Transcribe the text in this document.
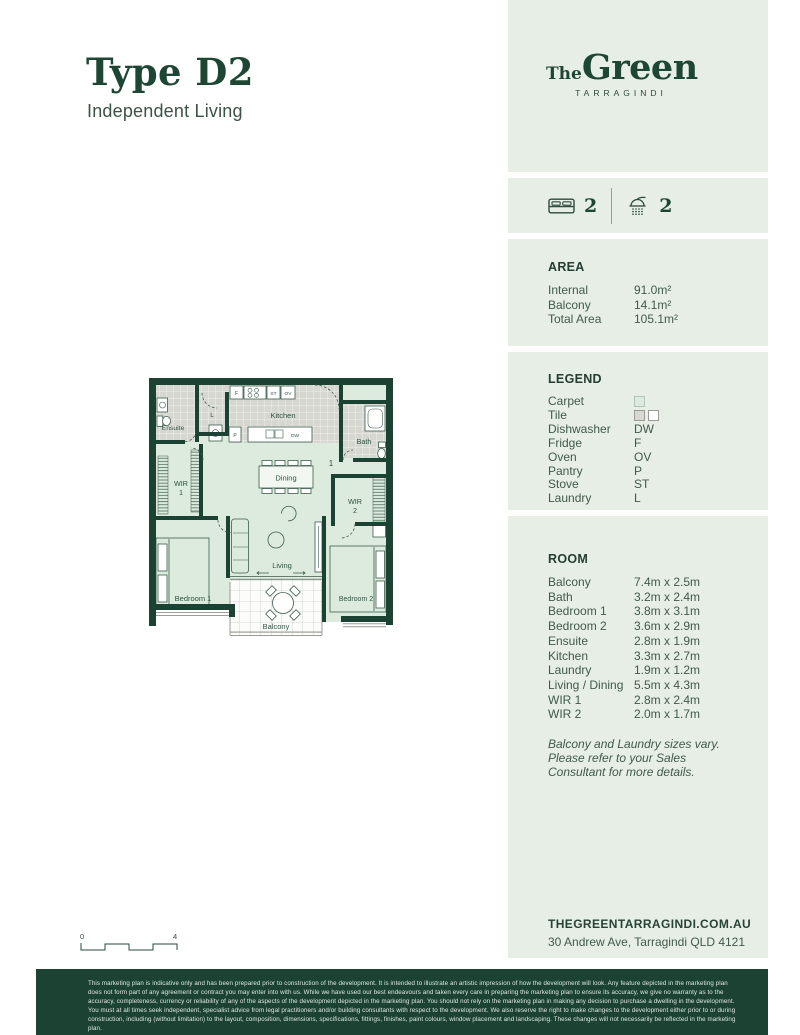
Type D2
Independent Living
TheGreen
TARRAGINDI
2	2
AREA
Internal	91.0m²
Balcony	14.1m²
Total Area	105.1m²
LEGEND
Carpet
Tile
Dishwasher	DW
Fridge	F
Oven	OV
Pantry	P
Stove	ST
Laundry	L
ROOM
Balcony	7.4m x 2.5m
Bath	3.2m x 2.4m
Bedroom 1	3.8m x 3.1m
Bedroom 2	3.6m x 2.9m
Ensuite	2.8m x 1.9m
Kitchen	3.3m x 2.7m
Laundry	1.9m x 1.2m
Living / Dining 5.5m x 4.3m
WIR 1	2.8m x 2.4m
WIR 2	2.0m x 1.7m
Balcony and Laundry sizes vary. Please refer to your Sales Consultant for more details.
THEGREENTARRAGINDI.COM.AU
30 Andrew Ave, Tarragindi QLD 4121
Kitchen
Dining
Living
Balcony
Bedroom 1	Bedroom 2
WIR
1
WIR
2
Bath
Ensuite
L
1
F	ST OV
DW
P
0	4

This marketing plan is indicative only and has been prepared prior to construction of the development. It is intended to illustrate an artistic impression of how the development will look. Any feature depicted in the marketing plan does not form part of any agreement or contract you may enter into with us. While we have used our best endeavours and taken every care in preparing the marketing plan to ensure its accuracy, we give no warranty as to the accuracy, completeness, currency or reliability of any of the aspects of the development depicted in the marketing plan. You should not rely on the marketing plan in making any decision to purchase a dwelling in the development. You must at all times seek independent, specialist advice from legal practitioners and/or building consultants with respect to the development. We also reserve the right to make changes to the development either prior to or during construction, including (without limitation) to the layout, composition, dimensions, specifications, fittings, finishes, paint colours, window placement and landscaping. These changes will not necessarily be reflected in the marketing plan.
